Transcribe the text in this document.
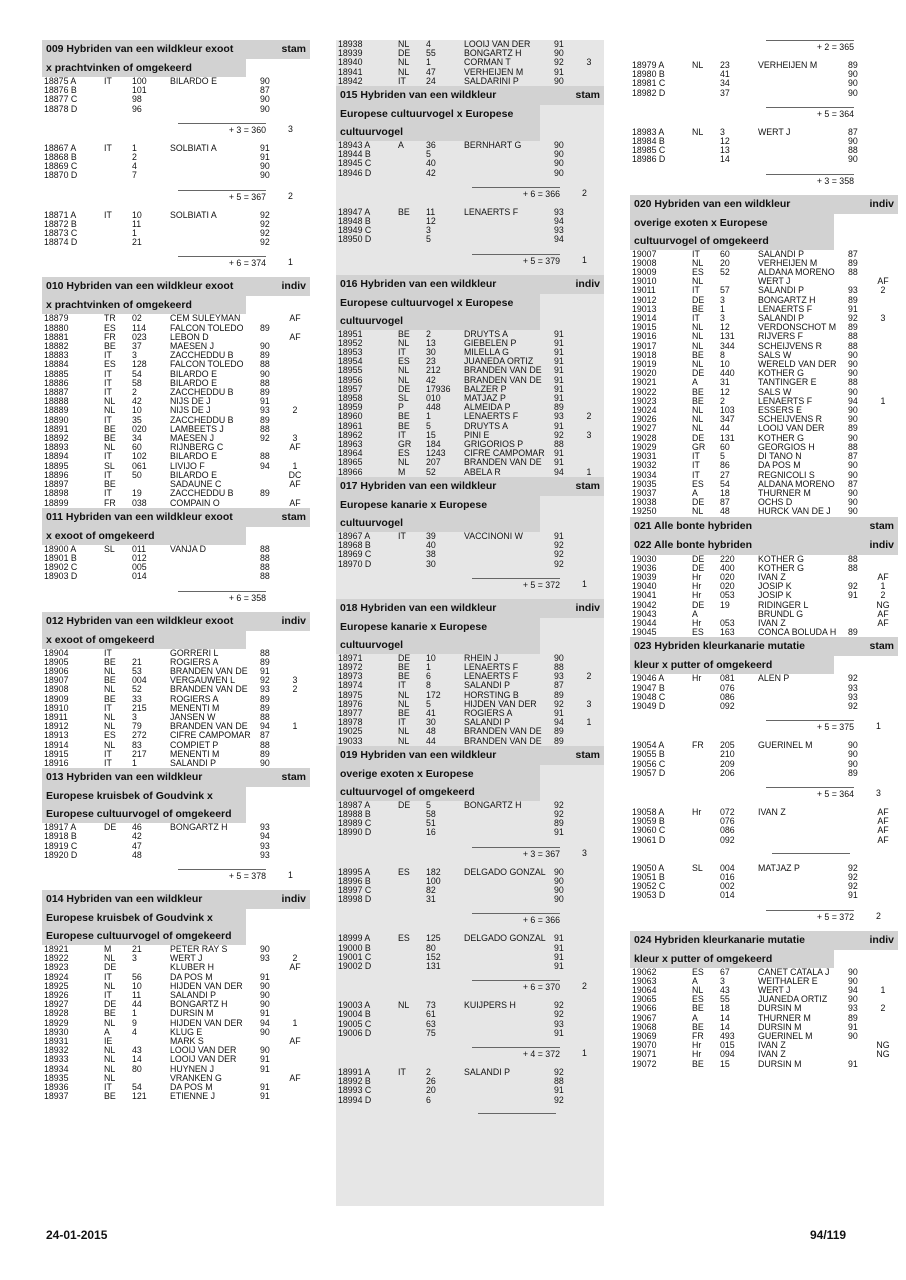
009 Hybriden van een wildkleur exoot	stam
x prachtvinken of omgekeerd
18875 A	IT	100	BILARDO E	90
18876 B	101	87
18877 C	98	90
18878 D	96	90
+ 3 = 360	3
18867 A	IT	1	SOLBIATI A	91
18868 B	2	91
18869 C	4	90
18870 D	7	90
+ 5 = 367	2
18871 A	IT	10	SOLBIATI A	92
18872 B	11	92
18873 C	1	92
18874 D	21	92
+ 6 = 374	1
010 Hybriden van een wildkleur exoot	indiv
x prachtvinken of omgekeerd
18879	TR	02	CEM SÜLEYMAN	AF
18880	ES	114	FALCON TOLEDO	89
18881	FR	023	LEBON D	AF
18882	BE	37	MAESEN J	90
18883	IT	3	ZACCHEDDU B	89
18884	ES	128	FALCON TOLEDO	88
18885	IT	54	BILARDO E	90
18886	IT	58	BILARDO E	88
18887	IT	2	ZACCHEDDU B	89
18888	NL	42	NIJS DE J	91
18889	NL	10	NIJS DE J	93	2
18890	IT	35	ZACCHEDDU B	89
18891	BE	020	LAMBEETS J	88
18892	BE	34	MAESEN J	92	3
18893	NL	60	RIJNBERG C	AF
18894	IT	102	BILARDO E	88
18895	SL	061	LIVIJO F	94	1
18896	IT	50	BILARDO E	DC
18897	BE	SADAUNE C	AF
18898	IT	19	ZACCHEDDU B	89
18899	FR	038	COMPAIN O	AF
011 Hybriden van een wildkleur exoot	stam
x exoot of omgekeerd
18900 A	SL	011	VANJA D	88
18901 B	012	88
18902 C	005	88
18903 D	014	88
+ 6 = 358
012 Hybriden van een wildkleur exoot	indiv
x exoot of omgekeerd
18904	IT	GORRERI L	88
18905	BE	21	ROGIERS A	89
18906	NL	53	BRANDEN VAN DE	91
18907	BE	004	VERGAUWEN L	92	3
18908	NL	52	BRANDEN VAN DE	93	2
18909	BE	33	ROGIERS A	89
18910	IT	215	MENENTI M	89
18911	NL	3	JANSEN W	88
18912	NL	79	BRANDEN VAN DE	94	1
18913	ES	272	CIFRE CAMPOMAR	87
18914	NL	83	COMPIET P	88
18915	IT	217	MENENTI M	89
18916	IT	1	SALANDI P	90
013 Hybriden van een wildkleur	stam
Europese kruisbek of Goudvink x
Europese cultuurvogel of omgekeerd
18917 A	DE	46	BONGARTZ H	93
18918 B	42	94
18919 C	47	93
18920 D	48	93
+ 5 = 378	1
014 Hybriden van een wildkleur	indiv
Europese kruisbek of Goudvink x
Europese cultuurvogel of omgekeerd
18921	M	21	PETER RAY S	90
18922	NL	3	WERT J	93	2
18923	DE	KLÜBER H	AF
18924	IT	56	DA POS M	91
18925	NL	10	HIJDEN VAN DER	90
18926	IT	11	SALANDI P	90
18927	DE	44	BONGARTZ H	90
18928	BE	1	DURSIN M	91
18929	NL	9	HIJDEN VAN DER	94	1
18930	A	4	KLUG E	90
18931	IE	MARK S	AF
18932	NL	43	LOOIJ VAN DER	90
18933	NL	14	LOOIJ VAN DER	91
18934	NL	80	HUYNEN J	91
18935	NL	VRANKEN G	AF
18936	IT	54	DA POS M	91
18937	BE	121	ETIENNE J	91
18938	NL	4	LOOIJ VAN DER	91
18939	DE	55	BONGARTZ H	90
18940	NL	1	CORMAN T	92	3
18941	NL	47	VERHEIJEN M	91
18942	IT	24	SALDARINI P	90
015 Hybriden van een wildkleur	stam
Europese cultuurvogel x Europese
cultuurvogel
18943 A	A	36	BERNHART G	90
18944 B	5	90
18945 C	40	90
18946 D	42	90
+ 6 = 366	2
18947 A	BE	11	LENAERTS F	93
18948 B	12	94
18949 C	3	93
18950 D	5	94
+ 5 = 379	1
016 Hybriden van een wildkleur	indiv
Europese cultuurvogel x Europese
cultuurvogel
18951	BE	2	DRUYTS A	91
18952	NL	13	GIEBELEN P	91
18953	IT	30	MILELLA G	91
18954	ES	23	JUANEDA ORTIZ	91
18955	NL	212	BRANDEN VAN DE	91
18956	NL	42	BRANDEN VAN DE	91
18957	DE	17936	BALZER P	91
18958	SL	010	MATJAZ P	91
18959	P	448	ALMEIDA P	89
18960	BE	1	LENAERTS F	93	2
18961	BE	5	DRUYTS A	91
18962	IT	15	PINI E	92	3
18963	GR	184	GRIGORIOS P	88
18964	ES	1243	CIFRE CAMPOMAR	91
18965	NL	207	BRANDEN VAN DE	91
18966	M	52	ABELA R	94	1
017 Hybriden van een wildkleur	stam
Europese kanarie x Europese
cultuurvogel
18967 A	IT	39	VACCINONI W	91
18968 B	40	92
18969 C	38	92
18970 D	30	92
+ 5 = 372	1
018 Hybriden van een wildkleur	indiv
Europese kanarie x Europese
cultuurvogel
18971	DE	10	RHEIN J	90
18972	BE	1	LENAERTS F	88
18973	BE	6	LENAERTS F	93	2
18974	IT	8	SALANDI P	87
18975	NL	172	HORSTING B	89
18976	NL	5	HIJDEN VAN DER	92	3
18977	BE	41	ROGIERS A	91
18978	IT	30	SALANDI P	94	1
19025	NL	48	BRANDEN VAN DE	89
19033	NL	44	BRANDEN VAN DE	89
019 Hybriden van een wildkleur	stam
overige exoten x Europese
cultuurvogel of omgekeerd
18987 A	DE	5	BONGARTZ H	92
18988 B	58	92
18989 C	51	89
18990 D	16	91
+ 3 = 367	3
18995 A	ES	182	DELGADO GONZAL 90
18996 B	100	90
18997 C	82	90
18998 D	31	90
+ 6 = 366
18999 A	ES	125	DELGADO GONZAL 91
19000 B	80	91
19001 C	152	91
19002 D	131	91
+ 6 = 370	2
19003 A	NL	73	KUIJPERS H	92
19004 B	61	92
19005 C	63	93
19006 D	75	91
+ 4 = 372	1
18991 A	IT	2	SALANDI P	92
18992 B	26	88
18993 C	20	91
18994 D	6	92
+ 2 = 365
18979 A	NL	23	VERHEIJEN M	89
18980 B	41	90
18981 C	34	90
18982 D	37	90
+ 5 = 364
18983 A	NL	3	WERT J	87
18984 B	12	90
18985 C	13	88
18986 D	14	90
+ 3 = 358
020 Hybriden van een wildkleur	indiv
overige exoten x Europese
cultuurvogel of omgekeerd
19007	IT	60	SALANDI P	87
19008	NL	20	VERHEIJEN M	89
19009	ES	52	ALDANA MORENO	88
19010	NL	WERT J	AF
19011	IT	57	SALANDI P	93	2
19012	DE	3	BONGARTZ H	89
19013	BE	1	LENAERTS F	91
19014	IT	3	SALANDI P	92	3
19015	NL	12	VERDONSCHOT M	89
19016	NL	131	RIJVERS F	88
19017	NL	344	SCHEIJVENS R	88
19018	BE	8	SALS W	90
19019	NL	10	WERELD VAN DER	90
19020	DE	440	KOTHER G	90
19021	A	31	TANTINGER E	88
19022	BE	12	SALS W	90
19023	BE	2	LENAERTS F	94	1
19024	NL	103	ESSERS E	90
19026	NL	347	SCHEIJVENS R	90
19027	NL	44	LOOIJ VAN DER	89
19028	DE	131	KOTHER G	90
19029	GR	60	GEORGIOS H	88
19031	IT	5	DI TANO N	87
19032	IT	86	DA POS M	90
19034	IT	27	REGNICOLI S	90
19035	ES	54	ALDANA MORENO	87
19037	A	18	THURNER M	90
19038	DE	87	OCHS D	90
19250	NL	48	HURCK VAN DE J	90
021 Alle bonte hybriden	stam
022 Alle bonte hybriden	indiv
19030	DE	220	KOTHER G	88
19036	DE	400	KOTHER G	88
19039	Hr	020	IVAN Z	AF
19040	Hr	020	JOSIP K	92	1
19041	Hr	053	JOSIP K	91	2
19042	DE	19	RIDINGER L	NG
19043	A	BRÜNDL G	AF
19044	Hr	053	IVAN Z	AF
19045	ES	163	CONCA BOLUDA H	89
023 Hybriden kleurkanarie mutatie	stam
kleur x putter of omgekeerd
19046 A	Hr	081	ALEN P	92
19047 B	076	93
19048 C	086	93
19049 D	092	92
+ 5 = 375	1
19054 A	FR	205	GUERINEL M	90
19055 B	210	90
19056 C	209	90
19057 D	206	89
+ 5 = 364	3
19058 A	Hr	072	IVAN Z	AF
19059 B	076	AF
19060 C	086	AF
19061 D	092	AF
19050 A	SL	004	MATJAZ P	92
19051 B	016	92
19052 C	002	92
19053 D	014	91
+ 5 = 372	2
024 Hybriden kleurkanarie mutatie	indiv
kleur x putter of omgekeerd
19062	ES	67	CANET CATALA J	90
19063	A	3	WEITHALER E	90
19064	NL	43	WERT J	94	1
19065	ES	55	JUANEDA ORTIZ	90
19066	BE	18	DURSIN M	93	2
19067	A	14	THURNER M	89
19068	BE	14	DURSIN M	91
19069	FR	493	GUERINEL M	90
19070	Hr	015	IVAN Z	NG
19071	Hr	094	IVAN Z	NG
19072	BE	15	DURSIN M	91
24-01-2015	94/119
